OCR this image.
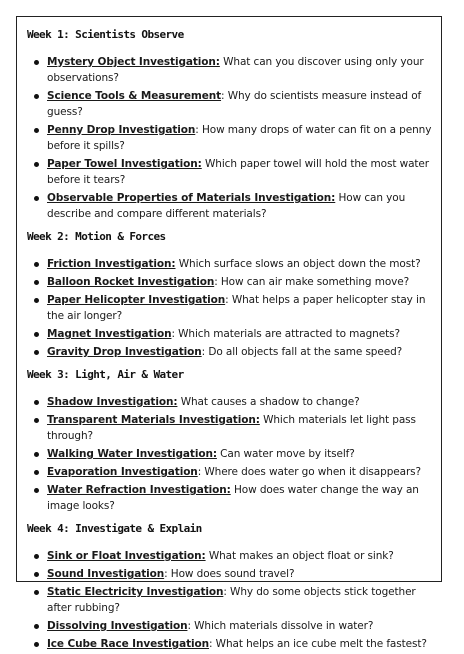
Week 1: Scientists Observe
Mystery Object Investigation: What can you discover using only your observations?
Science Tools & Measurement: Why do scientists measure instead of guess?
Penny Drop Investigation: How many drops of water can fit on a penny before it spills?
Paper Towel Investigation: Which paper towel will hold the most water before it tears?
Observable Properties of Materials Investigation: How can you describe and compare different materials?
Week 2: Motion & Forces
Friction Investigation: Which surface slows an object down the most?
Balloon Rocket Investigation: How can air make something move?
Paper Helicopter Investigation: What helps a paper helicopter stay in the air longer?
Magnet Investigation: Which materials are attracted to magnets?
Gravity Drop Investigation: Do all objects fall at the same speed?
Week 3: Light, Air & Water
Shadow Investigation: What causes a shadow to change?
Transparent Materials Investigation: Which materials let light pass through?
Walking Water Investigation: Can water move by itself?
Evaporation Investigation: Where does water go when it disappears?
Water Refraction Investigation: How does water change the way an image looks?
Week 4: Investigate & Explain
Sink or Float Investigation: What makes an object float or sink?
Sound Investigation: How does sound travel?
Static Electricity Investigation: Why do some objects stick together after rubbing?
Dissolving Investigation: Which materials dissolve in water?
Ice Cube Race Investigation: What helps an ice cube melt the fastest?
